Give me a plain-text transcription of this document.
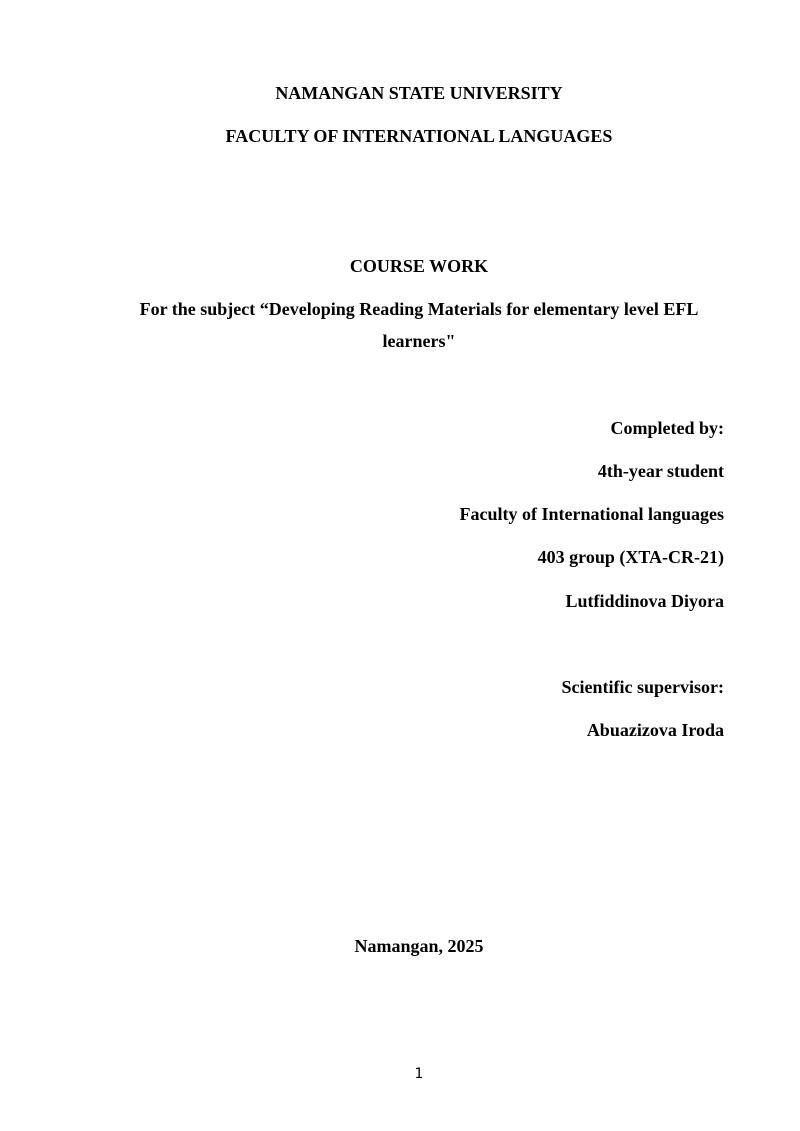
NAMANGAN STATE UNIVERSITY
FACULTY OF INTERNATIONAL LANGUAGES
COURSE WORK
For the subject “Developing Reading Materials for elementary level EFL
learners"
Completed by:
4th-year student
Faculty of International languages
403 group (XTA-CR-21)
Lutfiddinova Diyora
Scientific supervisor:
Abuazizova Iroda
Namangan, 2025
1
